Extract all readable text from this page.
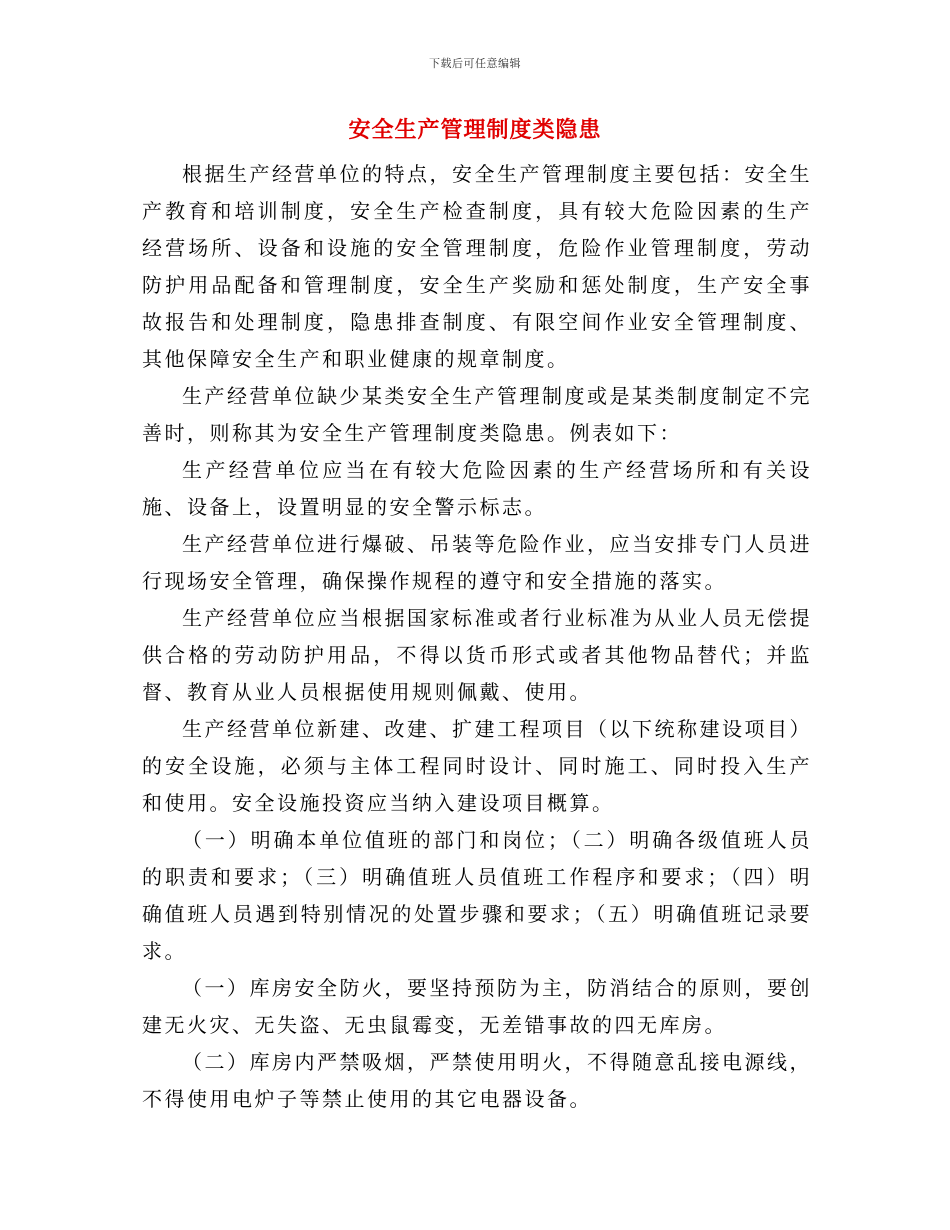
下载后可任意编辑
安全生产管理制度类隐患

根据生产经营单位的特点，安全生产管理制度主要包括：安全生产教育和培训制度，安全生产检查制度，具有较大危险因素的生产经营场所、设备和设施的安全管理制度，危险作业管理制度，劳动防护用品配备和管理制度，安全生产奖励和惩处制度，生产安全事故报告和处理制度，隐患排查制度、有限空间作业安全管理制度、其他保障安全生产和职业健康的规章制度。

生产经营单位缺少某类安全生产管理制度或是某类制度制定不完善时，则称其为安全生产管理制度类隐患。例表如下：

生产经营单位应当在有较大危险因素的生产经营场所和有关设施、设备上，设置明显的安全警示标志。

生产经营单位进行爆破、吊装等危险作业，应当安排专门人员进行现场安全管理，确保操作规程的遵守和安全措施的落实。

生产经营单位应当根据国家标准或者行业标准为从业人员无偿提供合格的劳动防护用品，不得以货币形式或者其他物品替代；并监督、教育从业人员根据使用规则佩戴、使用。

生产经营单位新建、改建、扩建工程项目（以下统称建设项目）的安全设施，必须与主体工程同时设计、同时施工、同时投入生产和使用。安全设施投资应当纳入建设项目概算。

（一）明确本单位值班的部门和岗位；（二）明确各级值班人员的职责和要求；（三）明确值班人员值班工作程序和要求；（四）明确值班人员遇到特别情况的处置步骤和要求；（五）明确值班记录要求。

（一）库房安全防火，要坚持预防为主，防消结合的原则，要创建无火灾、无失盗、无虫鼠霉变，无差错事故的四无库房。

（二）库房内严禁吸烟，严禁使用明火，不得随意乱接电源线，不得使用电炉子等禁止使用的其它电器设备。
